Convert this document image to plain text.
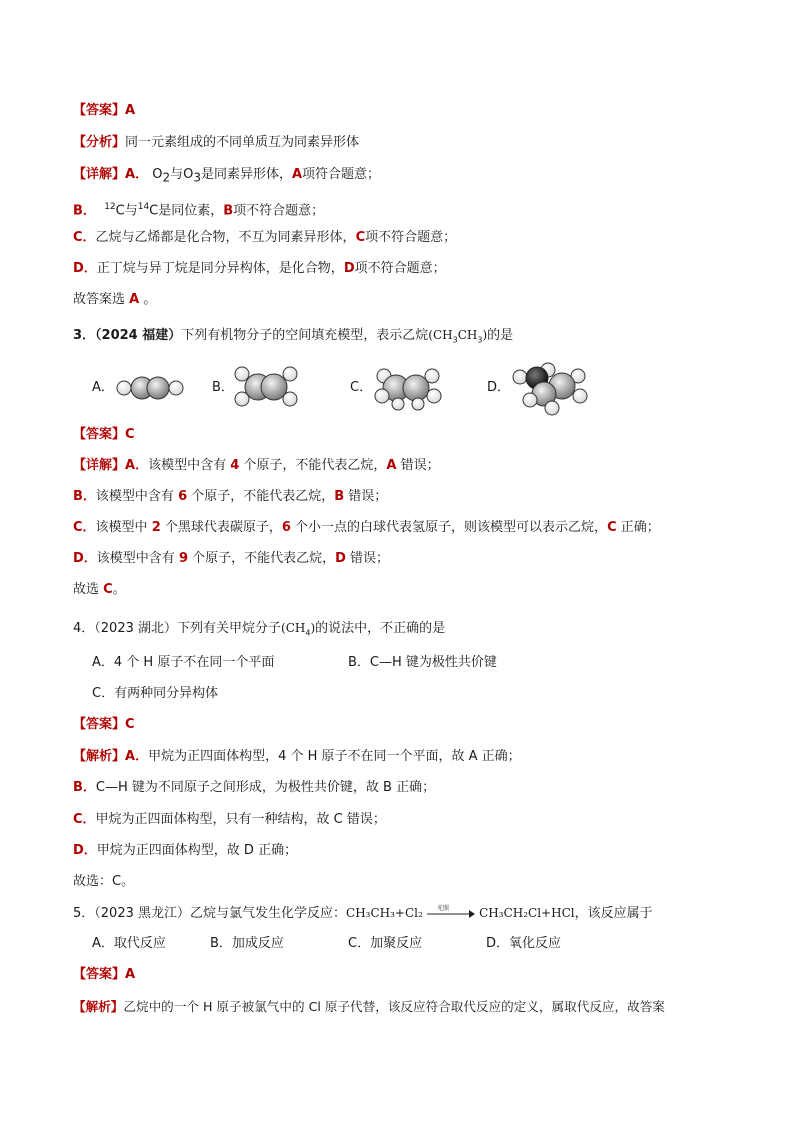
【答案】A
【分析】同一元素组成的不同单质互为同素异形体
【详解】A． $O_2$与$O_3$是同素异形体，A项符合题意；
B． $^{12}$C与$^{14}$C是同位素，B项不符合题意；
C．乙烷与乙烯都是化合物，不互为同素异形体，C项不符合题意；
D．正丁烷与异丁烷是同分异构体，是化合物，D项不符合题意；
故答案选 A 。
3．（2024 福建）下列有机物分子的空间填充模型，表示乙烷$(CH_3CH_3)$的是
A．	B．	C．	D．
【答案】C
【详解】A．该模型中含有 4 个原子，不能代表乙烷，A 错误；
B．该模型中含有 6 个原子，不能代表乙烷，B 错误；
C．该模型中 2 个黑球代表碳原子，6 个小一点的白球代表氢原子，则该模型可以表示乙烷，C 正确；
D．该模型中含有 9 个原子，不能代表乙烷，D 错误；
故选 C。
4．（2023 湖北）下列有关甲烷分子$(CH_4)$的说法中，不正确的是
A．4 个 H 原子不在同一个平面	B．C—H 键为极性共价键
C．有两种同分异构体
【答案】C
【解析】A．甲烷为正四面体构型，4 个 H 原子不在同一个平面，故 A 正确；
B．C—H 键为不同原子之间形成，为极性共价键，故 B 正确；
C．甲烷为正四面体构型，只有一种结构，故 C 错误；
D．甲烷为正四面体构型，故 D 正确；
故选：C。
5．（2023 黑龙江）乙烷与氯气发生化学反应：CH₃CH₃+Cl₂ 光照	CH₃CH₂Cl+HCl，该反应属于
A．取代反应	B．加成反应	C．加聚反应	D．氧化反应
【答案】A
【解析】乙烷中的一个 H 原子被氯气中的 Cl 原子代替，该反应符合取代反应的定义，属取代反应，故答案
